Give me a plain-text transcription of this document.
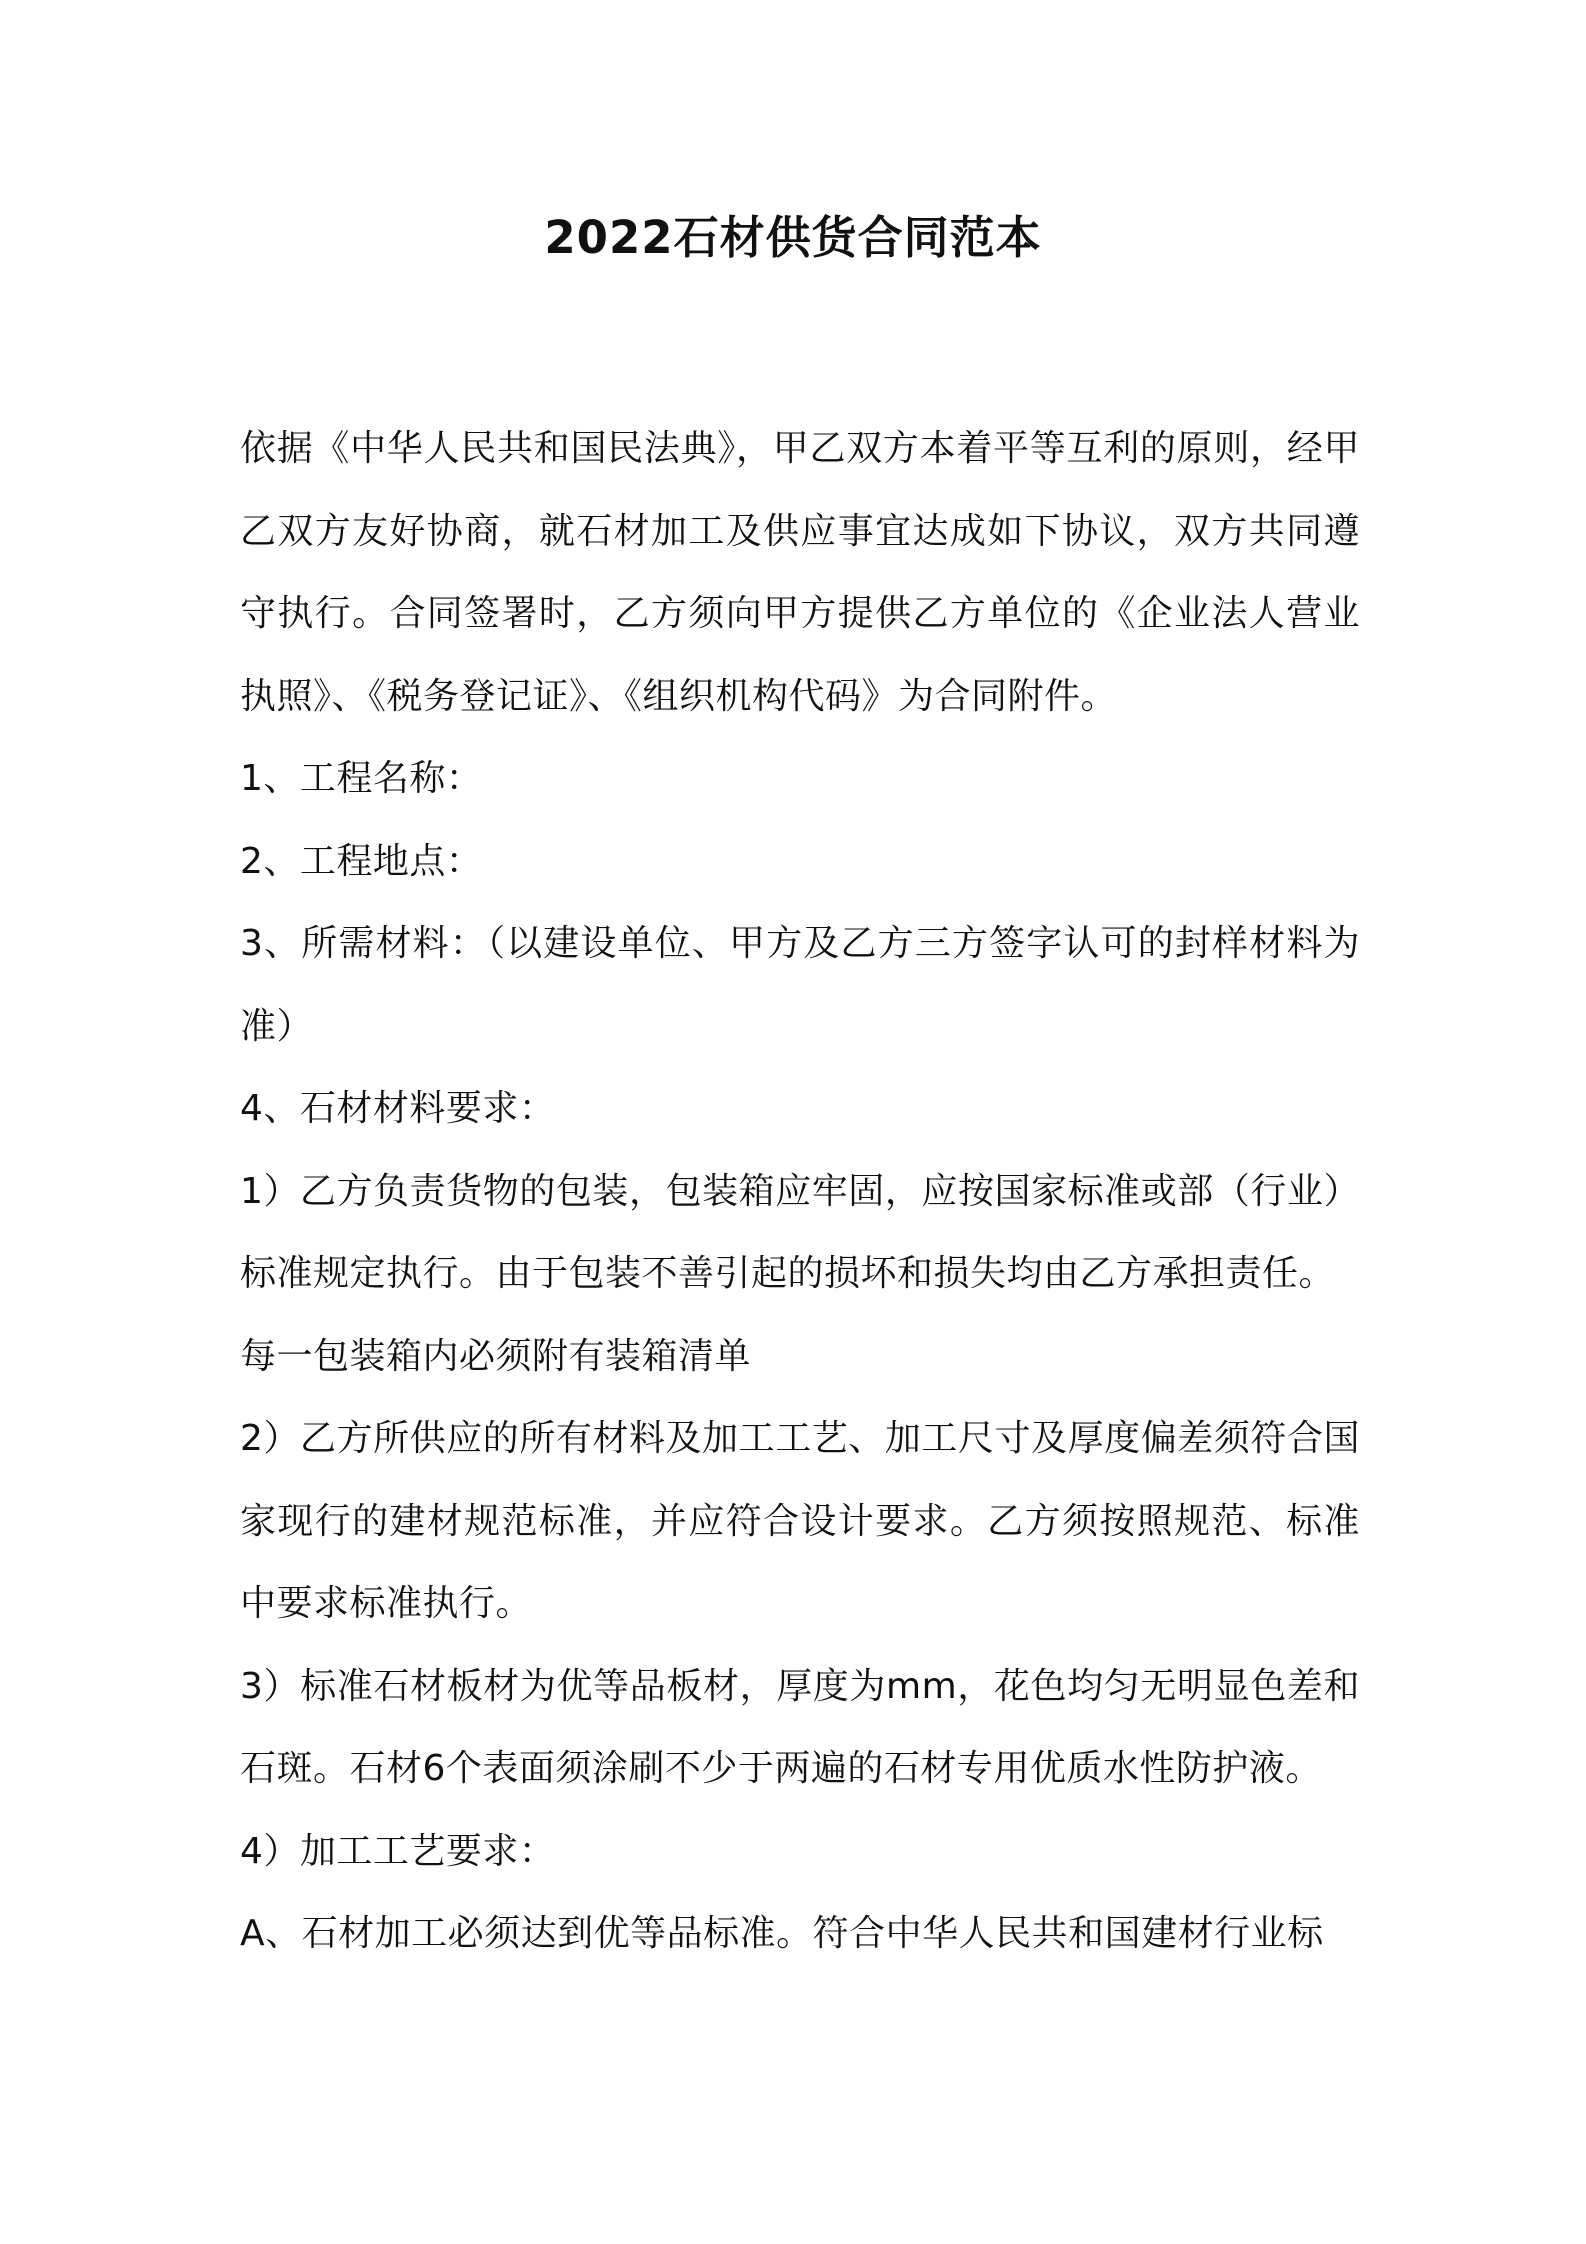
2022石材供货合同范本

依据《中华人民共和国民法典》，甲乙双方本着平等互利的原则，经甲乙双方友好协商，就石材加工及供应事宜达成如下协议，双方共同遵守执行。合同签署时，乙方须向甲方提供乙方单位的《企业法人营业执照》、《税务登记证》、《组织机构代码》为合同附件。

1、工程名称：

2、工程地点：

3、所需材料：（以建设单位、甲方及乙方三方签字认可的封样材料为准）

4、石材材料要求：

1）乙方负责货物的包装，包装箱应牢固，应按国家标准或部（行业）标准规定执行。由于包装不善引起的损坏和损失均由乙方承担责任。

每一包装箱内必须附有装箱清单

2）乙方所供应的所有材料及加工工艺、加工尺寸及厚度偏差须符合国家现行的建材规范标准，并应符合设计要求。乙方须按照规范、标准中要求标准执行。

3）标准石材板材为优等品板材，厚度为mm，花色均匀无明显色差和石斑。石材6个表面须涂刷不少于两遍的石材专用优质水性防护液。

4）加工工艺要求：

A、石材加工必须达到优等品标准。符合中华人民共和国建材行业标
